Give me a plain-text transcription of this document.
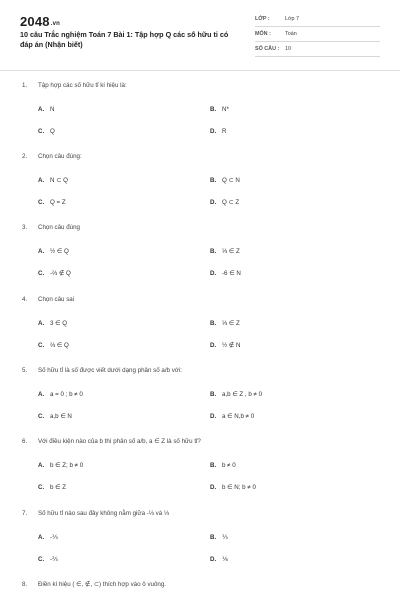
2048.vn
10 câu Trắc nghiệm Toán 7 Bài 1: Tập hợp Q các số hữu tỉ có đáp án (Nhận biết)
LỚP :	Lớp 7
MÔN :	Toán
SỐ CÂU : 10
1. Tập hợp các số hữu tỉ kí hiệu là:
A. N	B. N*
C. Q	D. R
2. Chọn câu đúng:
A. N ⊂ Q	B. Q ⊂ N
C. Q = Z	D. Q ⊂ Z
3. Chọn câu đúng
A. ½ ∈ Q	B. ⅓ ∈ Z
C. -⅔ ∉ Q	D. -6 ∈ N
4. Chọn câu sai
A. 3 ∈ Q	B. ⅓ ∈ Z
C. ⅔ ∈ Q	D. ½ ∉ N
5. Số hữu tỉ là số được viết dưới dạng phân số a/b với:
A. a = 0 ; b ≠ 0	B. a,b ∈ Z , b ≠ 0
C. a,b ∈ N	D. a ∈ N,b ≠ 0
6. Với điều kiện nào của b thì phân số a/b, a ∈ Z là số hữu tỉ?
A. b ∈ Z; b ≠ 0	B. b ≠ 0
C. b ∈ Z	D. b ∈ N; b ≠ 0
7. Số hữu tỉ nào sau đây không nằm giữa -⅓ và ⅓
A. -⅕	B. ⅕
C. -⅖	D. ⅙
8. Điền kí hiệu ( ∈, ∉, ⊂) thích hợp vào ô vuông.
